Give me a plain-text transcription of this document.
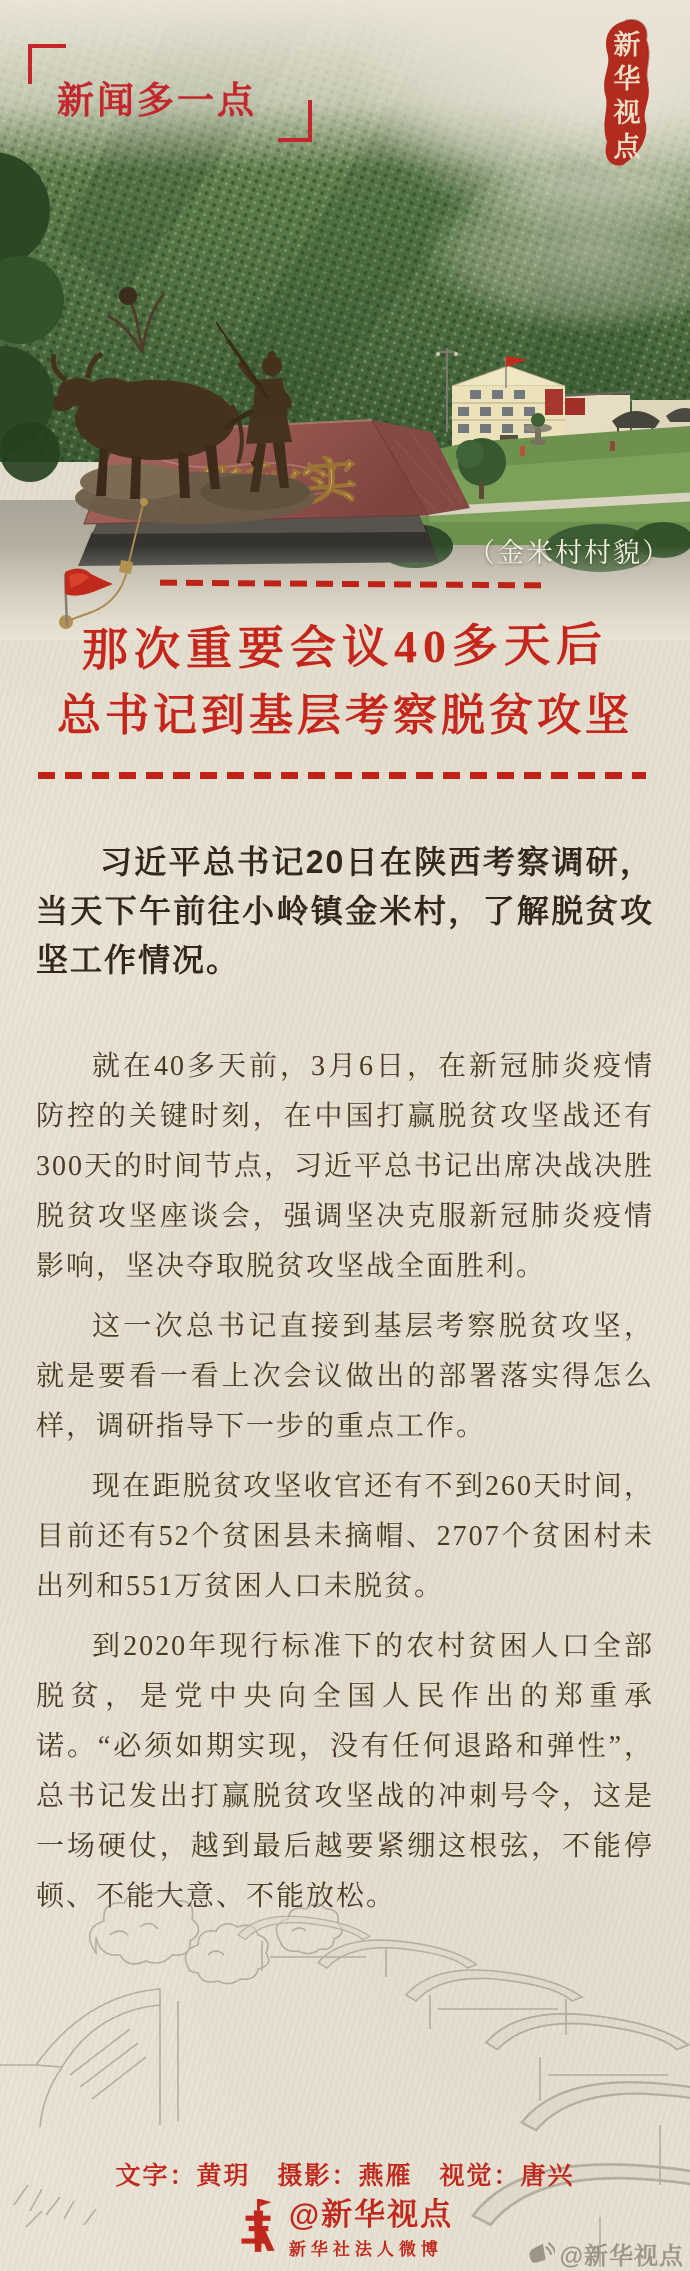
（金米村村貌）
新闻多一点	新华视点
那次重要会议40多天后
总书记到基层考察脱贫攻坚

习近平总书记20日在陕西考察调研，当天下午前往小岭镇金米村，了解脱贫攻坚工作情况。

就在40多天前，3月6日，在新冠肺炎疫情防控的关键时刻，在中国打赢脱贫攻坚战还有300天的时间节点，习近平总书记出席决战决胜脱贫攻坚座谈会，强调坚决克服新冠肺炎疫情影响，坚决夺取脱贫攻坚战全面胜利。

这一次总书记直接到基层考察脱贫攻坚，就是要看一看上次会议做出的部署落实得怎么样，调研指导下一步的重点工作。

现在距脱贫攻坚收官还有不到260天时间，目前还有52个贫困县未摘帽、2707个贫困村未出列和551万贫困人口未脱贫。

到2020年现行标准下的农村贫困人口全部脱贫，是党中央向全国人民作出的郑重承诺。“必须如期实现，没有任何退路和弹性”，总书记发出打赢脱贫攻坚战的冲刺号令，这是一场硬仗，越到最后越要紧绷这根弦，不能停顿、不能大意、不能放松。

文字：黄玥　摄影：燕雁　视觉：唐兴
@新华视点
新华社法人微博	@新华视点
